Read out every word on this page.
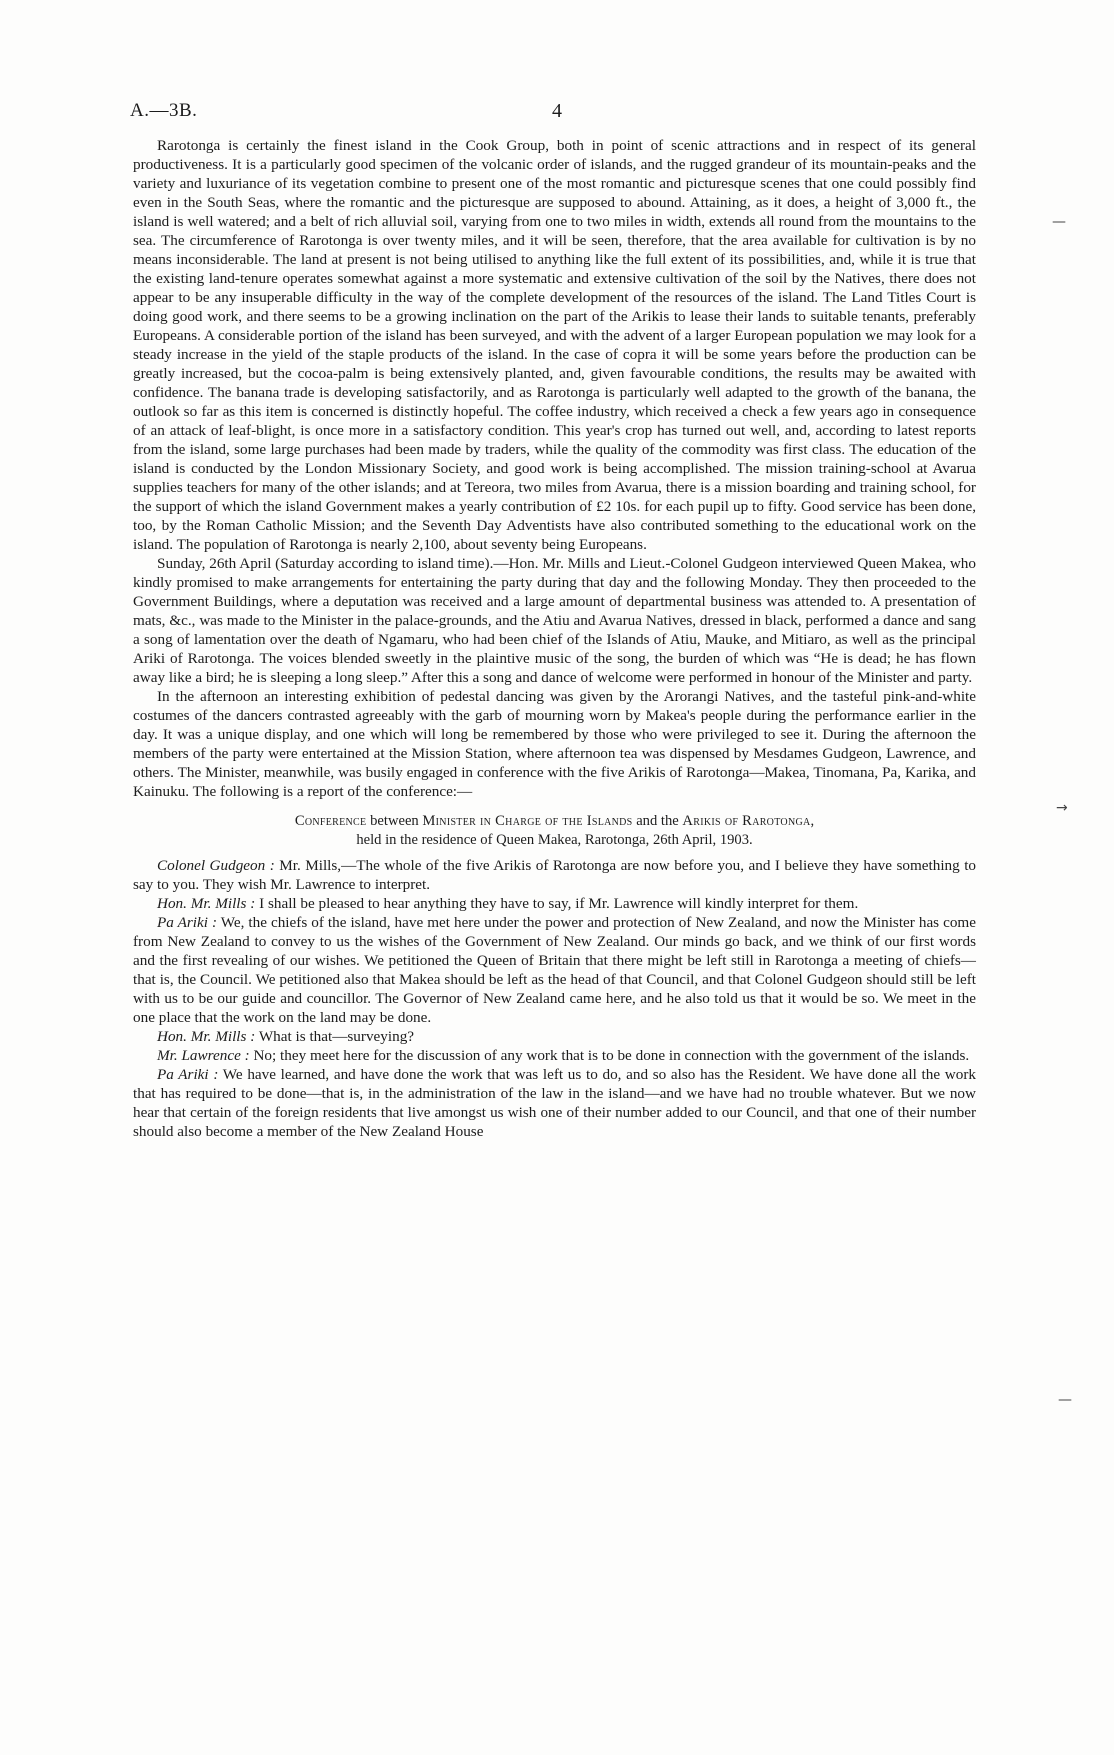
A.—3B.	4

Rarotonga is certainly the finest island in the Cook Group, both in point of scenic attractions and in respect of its general productiveness. It is a particularly good specimen of the volcanic order of islands, and the rugged grandeur of its mountain-peaks and the variety and luxuriance of its vegetation combine to present one of the most romantic and picturesque scenes that one could possibly find even in the South Seas, where the romantic and the picturesque are supposed to abound. Attaining, as it does, a height of 3,000 ft., the island is well watered; and a belt of rich alluvial soil, varying from one to two miles in width, extends all round from the mountains to the sea. The circumference of Rarotonga is over twenty miles, and it will be seen, therefore, that the area available for cultivation is by no means inconsiderable. The land at present is not being utilised to anything like the full extent of its possibilities, and, while it is true that the existing land-tenure operates somewhat against a more systematic and extensive cultivation of the soil by the Natives, there does not appear to be any insuperable difficulty in the way of the complete development of the resources of the island. The Land Titles Court is doing good work, and there seems to be a growing inclination on the part of the Arikis to lease their lands to suitable tenants, preferably Europeans. A considerable portion of the island has been surveyed, and with the advent of a larger European population we may look for a steady increase in the yield of the staple products of the island. In the case of copra it will be some years before the production can be greatly increased, but the cocoa-palm is being extensively planted, and, given favourable conditions, the results may be awaited with confidence. The banana trade is developing satisfactorily, and as Rarotonga is particularly well adapted to the growth of the banana, the outlook so far as this item is concerned is distinctly hopeful. The coffee industry, which received a check a few years ago in consequence of an attack of leaf-blight, is once more in a satisfactory condition. This year's crop has turned out well, and, according to latest reports from the island, some large purchases had been made by traders, while the quality of the commodity was first class. The education of the island is conducted by the London Missionary Society, and good work is being accomplished. The mission training-school at Avarua supplies teachers for many of the other islands; and at Tereora, two miles from Avarua, there is a mission boarding and training school, for the support of which the island Government makes a yearly contribution of £2 10s. for each pupil up to fifty. Good service has been done, too, by the Roman Catholic Mission; and the Seventh Day Adventists have also contributed something to the educational work on the island. The population of Rarotonga is nearly 2,100, about seventy being Europeans.

Sunday, 26th April (Saturday according to island time).—Hon. Mr. Mills and Lieut.-Colonel Gudgeon interviewed Queen Makea, who kindly promised to make arrangements for entertaining the party during that day and the following Monday. They then proceeded to the Government Buildings, where a deputation was received and a large amount of departmental business was attended to. A presentation of mats, &c., was made to the Minister in the palace-grounds, and the Atiu and Avarua Natives, dressed in black, performed a dance and sang a song of lamentation over the death of Ngamaru, who had been chief of the Islands of Atiu, Mauke, and Mitiaro, as well as the principal Ariki of Rarotonga. The voices blended sweetly in the plaintive music of the song, the burden of which was “He is dead; he has flown away like a bird; he is sleeping a long sleep.” After this a song and dance of welcome were performed in honour of the Minister and party.

In the afternoon an interesting exhibition of pedestal dancing was given by the Arorangi Natives, and the tasteful pink-and-white costumes of the dancers contrasted agreeably with the garb of mourning worn by Makea's people during the performance earlier in the day. It was a unique display, and one which will long be remembered by those who were privileged to see it. During the afternoon the members of the party were entertained at the Mission Station, where afternoon tea was dispensed by Mesdames Gudgeon, Lawrence, and others. The Minister, meanwhile, was busily engaged in conference with the five Arikis of Rarotonga—Makea, Tinomana, Pa, Karika, and Kainuku. The following is a report of the conference:—

Conference between Minister in Charge of the Islands and the Arikis of Rarotonga,
held in the residence of Queen Makea, Rarotonga, 26th April, 1903.

Colonel Gudgeon : Mr. Mills,—The whole of the five Arikis of Rarotonga are now before you, and I believe they have something to say to you. They wish Mr. Lawrence to interpret.

Hon. Mr. Mills : I shall be pleased to hear anything they have to say, if Mr. Lawrence will kindly interpret for them.

Pa Ariki : We, the chiefs of the island, have met here under the power and protection of New Zealand, and now the Minister has come from New Zealand to convey to us the wishes of the Government of New Zealand. Our minds go back, and we think of our first words and the first revealing of our wishes. We petitioned the Queen of Britain that there might be left still in Rarotonga a meeting of chiefs—that is, the Council. We petitioned also that Makea should be left as the head of that Council, and that Colonel Gudgeon should still be left with us to be our guide and councillor. The Governor of New Zealand came here, and he also told us that it would be so. We meet in the one place that the work on the land may be done.

Hon. Mr. Mills : What is that—surveying?

Mr. Lawrence : No; they meet here for the discussion of any work that is to be done in connection with the government of the islands.

Pa Ariki : We have learned, and have done the work that was left us to do, and so also has the Resident. We have done all the work that has required to be done—that is, in the administration of the law in the island—and we have had no trouble whatever. But we now hear that certain of the foreign residents that live amongst us wish one of their number added to our Council, and that one of their number should also become a member of the New Zealand House

—
→
—
